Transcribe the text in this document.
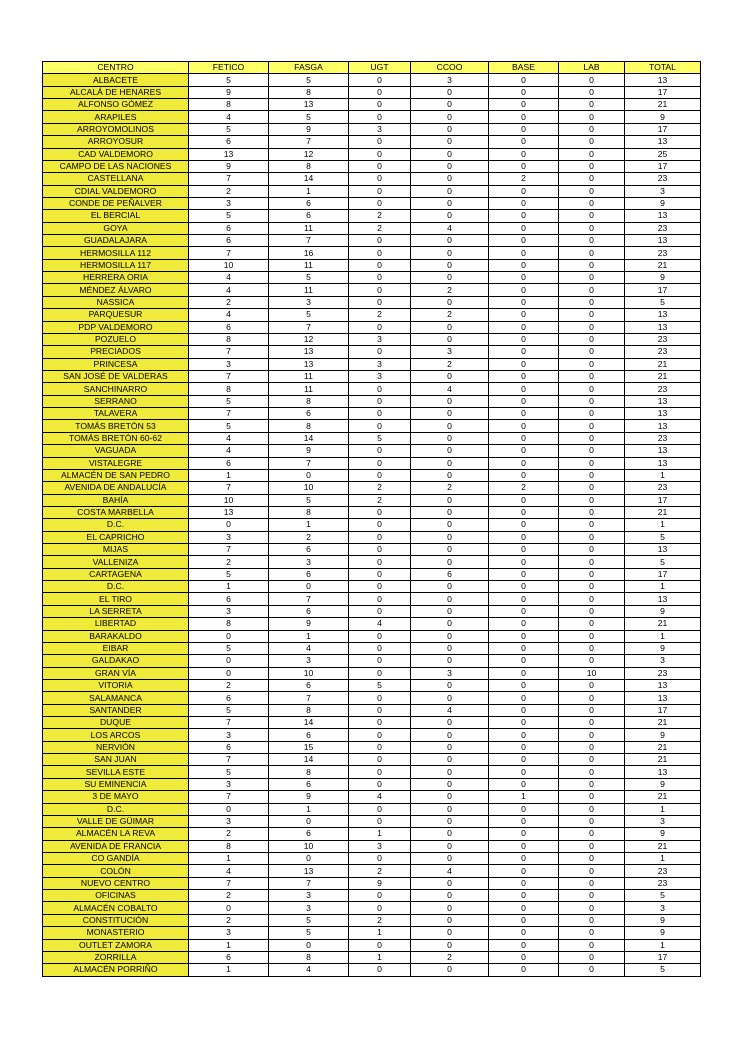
CENTRO	FETICO	FASGA	UGT	CCOO	BASE	LAB	TOTAL
ALBACETE	5	5	0	3	0	0	13
ALCALÁ DE HENARES	9	8	0	0	0	0	17
ALFONSO GÓMEZ	8	13	0	0	0	0	21
ARAPILES	4	5	0	0	0	0	9
ARROYOMOLINOS	5	9	3	0	0	0	17
ARROYOSUR	6	7	0	0	0	0	13
CAD VALDEMORO	13	12	0	0	0	0	25
CAMPO DE LAS NACIONES	9	8	0	0	0	0	17
CASTELLANA	7	14	0	0	2	0	23
CDIAL VALDEMORO	2	1	0	0	0	0	3
CONDE DE PEÑALVER	3	6	0	0	0	0	9
EL BERCIAL	5	6	2	0	0	0	13
GOYA	6	11	2	4	0	0	23
GUADALAJARA	6	7	0	0	0	0	13
HERMOSILLA 112	7	16	0	0	0	0	23
HERMOSILLA 117	10	11	0	0	0	0	21
HERRERA ORIA	4	5	0	0	0	0	9
MÉNDEZ ÁLVARO	4	11	0	2	0	0	17
NASSICA	2	3	0	0	0	0	5
PARQUESUR	4	5	2	2	0	0	13
PDP VALDEMORO	6	7	0	0	0	0	13
POZUELO	8	12	3	0	0	0	23
PRECIADOS	7	13	0	3	0	0	23
PRINCESA	3	13	3	2	0	0	21
SAN JOSÉ DE VALDERAS	7	11	3	0	0	0	21
SANCHINARRO	8	11	0	4	0	0	23
SERRANO	5	8	0	0	0	0	13
TALAVERA	7	6	0	0	0	0	13
TOMÁS BRETÓN 53	5	8	0	0	0	0	13
TOMÁS BRETÓN 60-62	4	14	5	0	0	0	23
VAGUADA	4	9	0	0	0	0	13
VISTALEGRE	6	7	0	0	0	0	13
ALMACÉN DE SAN PEDRO	1	0	0	0	0	0	1
AVENIDA DE ANDALUCÍA	7	10	2	2	2	0	23
BAHÍA	10	5	2	0	0	0	17
COSTA MARBELLA	13	8	0	0	0	0	21
D.C.	0	1	0	0	0	0	1
EL CAPRICHO	3	2	0	0	0	0	5
MIJAS	7	6	0	0	0	0	13
VALLENIZA	2	3	0	0	0	0	5
CARTAGENA	5	6	0	6	0	0	17
D.C.	1	0	0	0	0	0	1
EL TIRO	6	7	0	0	0	0	13
LA SERRETA	3	6	0	0	0	0	9
LIBERTAD	8	9	4	0	0	0	21
BARAKALDO	0	1	0	0	0	0	1
EIBAR	5	4	0	0	0	0	9
GALDAKAO	0	3	0	0	0	0	3
GRAN VÍA	0	10	0	3	0	10	23
VITORIA	2	6	5	0	0	0	13
SALAMANCA	6	7	0	0	0	0	13
SANTANDER	5	8	0	4	0	0	17
DUQUE	7	14	0	0	0	0	21
LOS ARCOS	3	6	0	0	0	0	9
NERVIÓN	6	15	0	0	0	0	21
SAN JUAN	7	14	0	0	0	0	21
SEVILLA ESTE	5	8	0	0	0	0	13
SU EMINENCIA	3	6	0	0	0	0	9
3 DE MAYO	7	9	4	0	1	0	21
D.C.	0	1	0	0	0	0	1
VALLE DE GÜIMAR	3	0	0	0	0	0	3
ALMACÉN LA REVA	2	6	1	0	0	0	9
AVENIDA DE FRANCIA	8	10	3	0	0	0	21
CO GANDÍA	1	0	0	0	0	0	1
COLÓN	4	13	2	4	0	0	23
NUEVO CENTRO	7	7	9	0	0	0	23
OFICINAS	2	3	0	0	0	0	5
ALMACÉN COBALTO	0	3	0	0	0	0	3
CONSTITUCIÓN	2	5	2	0	0	0	9
MONASTERIO	3	5	1	0	0	0	9
OUTLET ZAMORA	1	0	0	0	0	0	1
ZORRILLA	6	8	1	2	0	0	17
ALMACÉN PORRIÑO	1	4	0	0	0	0	5
